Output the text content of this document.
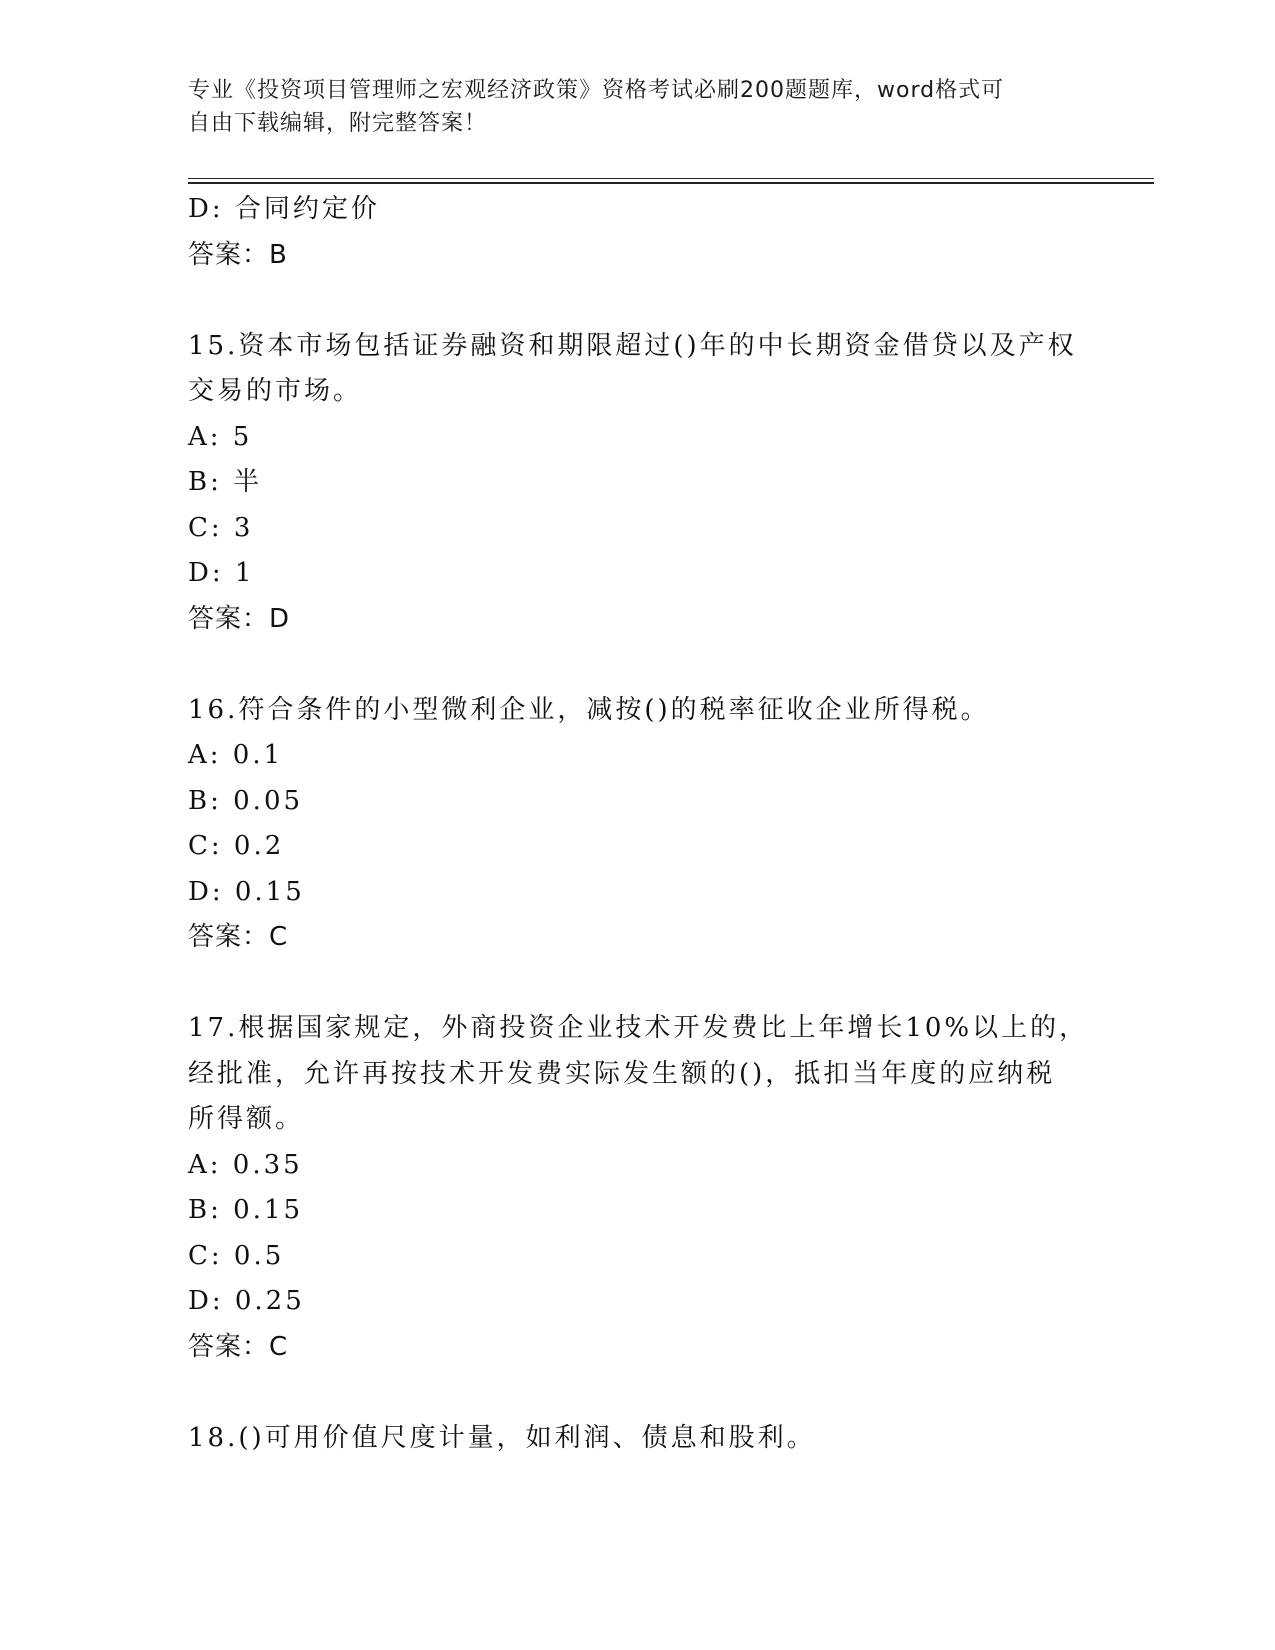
专业《投资项目管理师之宏观经济政策》资格考试必刷200题题库，word格式可
自由下载编辑，附完整答案！
D: 合同约定价
答案：B
15.资本市场包括证券融资和期限超过()年的中长期资金借贷以及产权
交易的市场。
A: 5
B: 半
C: 3
D: 1
答案：D
16.符合条件的小型微利企业，减按()的税率征收企业所得税。
A: 0.1
B: 0.05
C: 0.2
D: 0.15
答案：C
17.根据国家规定，外商投资企业技术开发费比上年增长10%以上的，
经批准，允许再按技术开发费实际发生额的()，抵扣当年度的应纳税
所得额。
A: 0.35
B: 0.15
C: 0.5
D: 0.25
答案：C
18.()可用价值尺度计量，如利润、债息和股利。
